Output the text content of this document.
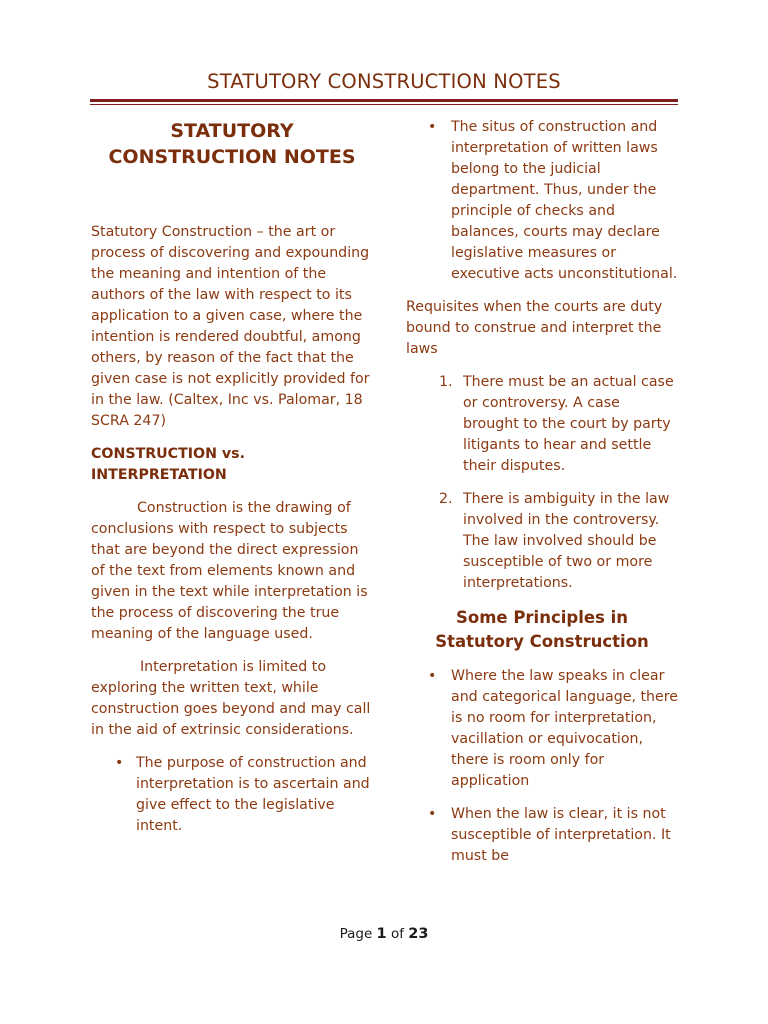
STATUTORY CONSTRUCTION NOTES
STATUTORY
CONSTRUCTION NOTES

Statutory Construction – the art or process of discovering and expounding the meaning and intention of the authors of the law with respect to its application to a given case, where the intention is rendered doubtful, among others, by reason of the fact that the given case is not explicitly provided for in the law. (Caltex, Inc vs. Palomar, 18 SCRA 247)

CONSTRUCTION vs. INTERPRETATION

Construction is the drawing of conclusions with respect to subjects that are beyond the direct expression of the text from elements known and given in the text while interpretation is the process of discovering the true meaning of the language used.

Interpretation is limited to exploring the written text, while construction goes beyond and may call in the aid of extrinsic considerations.

• The purpose of construction and interpretation is to ascertain and give effect to the legislative intent.
• The situs of construction and interpretation of written laws belong to the judicial department. Thus, under the principle of checks and balances, courts may declare legislative measures or executive acts unconstitutional.

Requisites when the courts are duty bound to construe and interpret the laws

1. There must be an actual case or controversy. A case brought to the court by party litigants to hear and settle their disputes.
2. There is ambiguity in the law involved in the controversy. The law involved should be susceptible of two or more interpretations.
Some Principles in
Statutory Construction
• Where the law speaks in clear and categorical language, there is no room for interpretation, vacillation or equivocation, there is room only for application
• When the law is clear, it is not susceptible of interpretation. It must be
Page 1 of 23
